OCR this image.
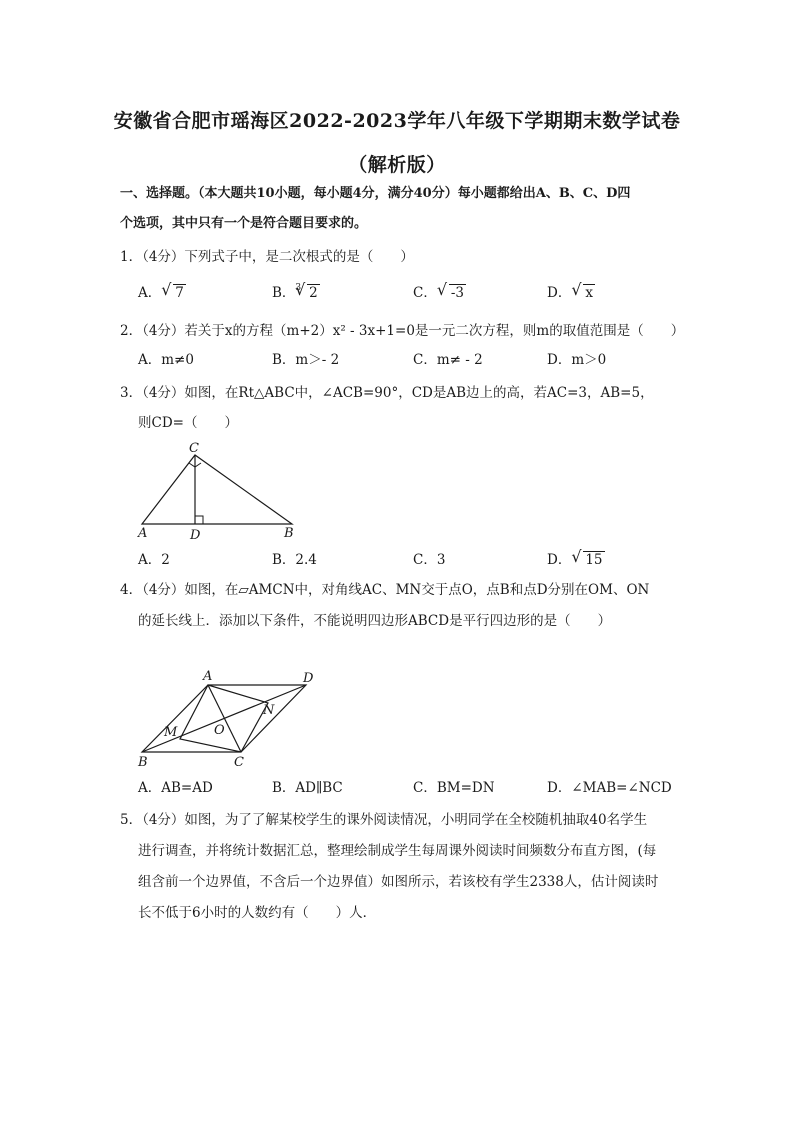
安徽省合肥市瑶海区2022-2023学年八年级下学期期末数学试卷
（解析版）
一、选择题。（本大题共10小题，每小题4分，满分40分）每小题都给出A、B、C、D四
个选项，其中只有一个是符合题目要求的。
1．（4分）下列式子中，是二次根式的是（　　）
A． √ 7	B．$^3$ √ 2	C． √ -3	D． √ x
2．（4分）若关于x的方程（m+2）x² - 3x+1=0是一元二次方程，则m的取值范围是（　　）
A．m≠0	B．m＞- 2	C．m≠ - 2	D．m＞0
3．（4分）如图，在Rt△ABC中，∠ACB=90°，CD是AB边上的高，若AC=3，AB=5，
则CD=（　　）
C
A	D	B
A．2	B．2.4	C．3	D． √ 15
4．（4分）如图，在▱AMCN中，对角线AC、MN交于点O，点B和点D分别在OM、ON
的延长线上．添加以下条件，不能说明四边形ABCD是平行四边形的是（　　）
A	D
M
N
O
B	C
A．AB=AD	B．AD∥BC	C．BM=DN	D．∠MAB=∠NCD
5．（4分）如图，为了了解某校学生的课外阅读情况，小明同学在全校随机抽取40名学生
进行调查，并将统计数据汇总，整理绘制成学生每周课外阅读时间频数分布直方图，(每
组含前一个边界值，不含后一个边界值）如图所示，若该校有学生2338人，估计阅读时
长不低于6小时的人数约有（　　）人．
